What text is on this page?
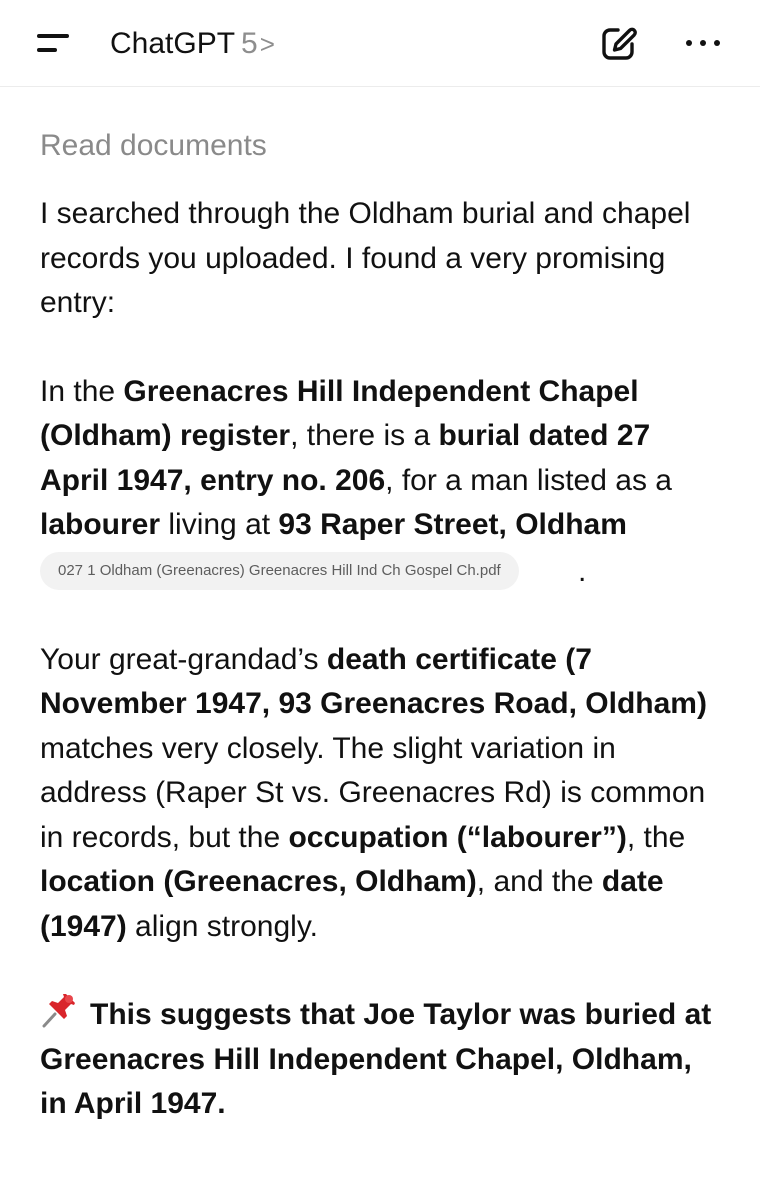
ChatGPT 5>
Read documents

I searched through the Oldham burial and chapel records you uploaded. I found a very promising entry:

In the Greenacres Hill Independent Chapel (Oldham) register, there is a burial dated 27 April 1947, entry no. 206, for a man listed as a labourer living at 93 Raper Street, Oldham

027 1 Oldham (Greenacres) Greenacres Hill Ind Ch Gospel Ch.pdf	.

Your great-grandad’s death certificate (7 November 1947, 93 Greenacres Road, Oldham) matches very closely. The slight variation in address (Raper St vs. Greenacres Rd) is common in records, but the occupation (“labourer”), the location (Greenacres, Oldham), and the date (1947) align strongly.

This suggests that Joe Taylor was buried at Greenacres Hill Independent Chapel, Oldham, in April 1947.
